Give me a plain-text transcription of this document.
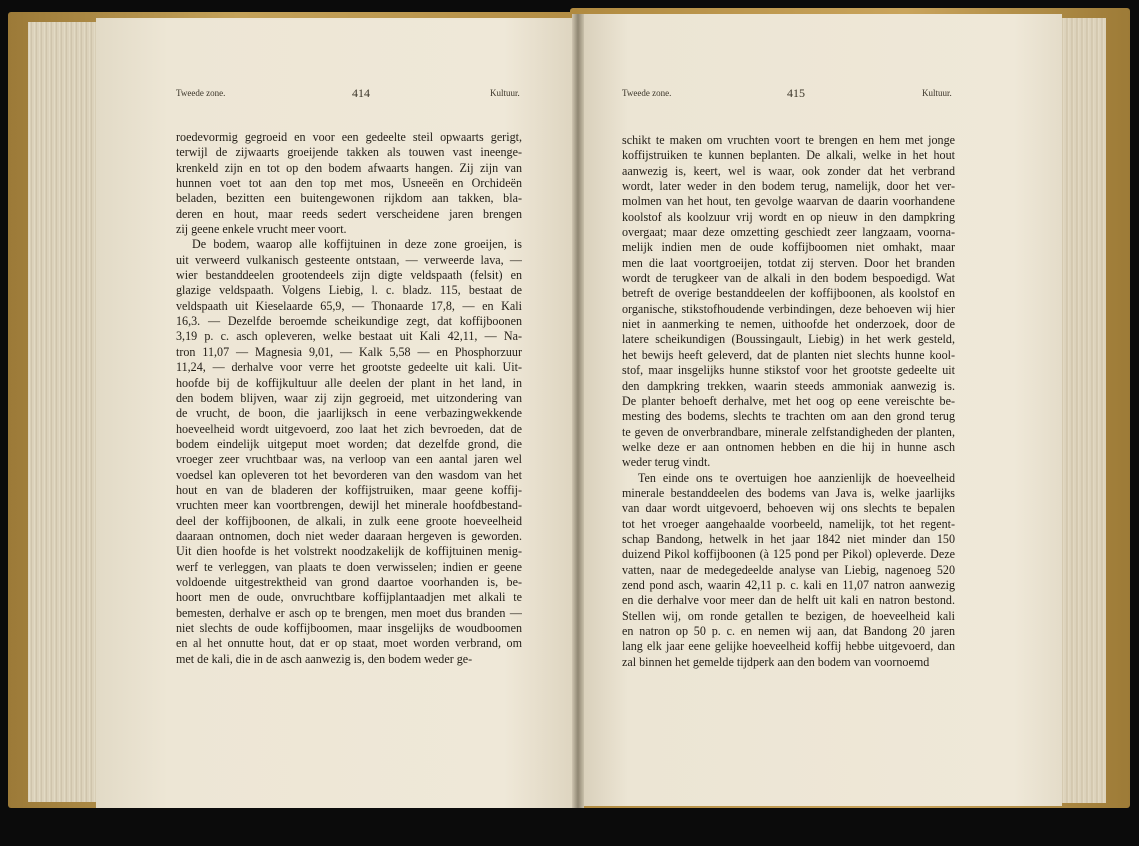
Tweede zone.	414	Kultuur.	Tweede zone.	415	Kultuur.
roedevormig gegroeid en voor een gedeelte steil opwaarts gerigt,
terwijl de zijwaarts groeijende takken als touwen vast ineenge-
krenkeld zijn en tot op den bodem afwaarts hangen. Zij zijn van
hunnen voet tot aan den top met mos, Usneeën en Orchideën
beladen, bezitten een buitengewonen rijkdom aan takken, bla-
deren en hout, maar reeds sedert verscheidene jaren brengen
zij geene enkele vrucht meer voort.
De bodem, waarop alle koffijtuinen in deze zone groeijen, is
uit verweerd vulkanisch gesteente ontstaan, — verweerde lava, —
wier bestanddeelen grootendeels zijn digte veldspaath (felsit) en
glazige veldspaath. Volgens Liebig, l. c. bladz. 115, bestaat de
veldspaath uit Kieselaarde 65,9, — Thonaarde 17,8, — en Kali
16,3. — Dezelfde beroemde scheikundige zegt, dat koffijboonen
3,19 p. c. asch opleveren, welke bestaat uit Kali 42,11, — Na-
tron 11,07 — Magnesia 9,01, — Kalk 5,58 — en Phosphorzuur
11,24, — derhalve voor verre het grootste gedeelte uit kali. Uit-
hoofde bij de koffijkultuur alle deelen der plant in het land, in
den bodem blijven, waar zij zijn gegroeid, met uitzondering van
de vrucht, de boon, die jaarlijksch in eene verbazingwekkende
hoeveelheid wordt uitgevoerd, zoo laat het zich bevroeden, dat de
bodem eindelijk uitgeput moet worden; dat dezelfde grond, die
vroeger zeer vruchtbaar was, na verloop van een aantal jaren wel
voedsel kan opleveren tot het bevorderen van den wasdom van het
hout en van de bladeren der koffijstruiken, maar geene koffij-
vruchten meer kan voortbrengen, dewijl het minerale hoofdbestand-
deel der koffijboonen, de alkali, in zulk eene groote hoeveelheid
daaraan ontnomen, doch niet weder daaraan hergeven is geworden.
Uit dien hoofde is het volstrekt noodzakelijk de koffijtuinen menig-
werf te verleggen, van plaats te doen verwisselen; indien er geene
voldoende uitgestrektheid van grond daartoe voorhanden is, be-
hoort men de oude, onvruchtbare koffijplantaadjen met alkali te
bemesten, derhalve er asch op te brengen, men moet dus branden —
niet slechts de oude koffijboomen, maar insgelijks de woudboomen
en al het onnutte hout, dat er op staat, moet worden verbrand, om
met de kali, die in de asch aanwezig is, den bodem weder ge-
schikt te maken om vruchten voort te brengen en hem met jonge
koffijstruiken te kunnen beplanten. De alkali, welke in het hout
aanwezig is, keert, wel is waar, ook zonder dat het verbrand
wordt, later weder in den bodem terug, namelijk, door het ver-
molmen van het hout, ten gevolge waarvan de daarin voorhandene
koolstof als koolzuur vrij wordt en op nieuw in den dampkring
overgaat; maar deze omzetting geschiedt zeer langzaam, voorna-
melijk indien men de oude koffijboomen niet omhakt, maar
men die laat voortgroeijen, totdat zij sterven. Door het branden
wordt de terugkeer van de alkali in den bodem bespoedigd. Wat
betreft de overige bestanddeelen der koffijboonen, als koolstof en
organische, stikstofhoudende verbindingen, deze behoeven wij hier
niet in aanmerking te nemen, uithoofde het onderzoek, door de
latere scheikundigen (Boussingault, Liebig) in het werk gesteld,
het bewijs heeft geleverd, dat de planten niet slechts hunne kool-
stof, maar insgelijks hunne stikstof voor het grootste gedeelte uit
den dampkring trekken, waarin steeds ammoniak aanwezig is.
De planter behoeft derhalve, met het oog op eene vereischte be-
mesting des bodems, slechts te trachten om aan den grond terug
te geven de onverbrandbare, minerale zelfstandigheden der planten,
welke deze er aan ontnomen hebben en die hij in hunne asch
weder terug vindt.
Ten einde ons te overtuigen hoe aanzienlijk de hoeveelheid
minerale bestanddeelen des bodems van Java is, welke jaarlijks
van daar wordt uitgevoerd, behoeven wij ons slechts te bepalen
tot het vroeger aangehaalde voorbeeld, namelijk, tot het regent-
schap Bandong, hetwelk in het jaar 1842 niet minder dan 150
duizend Pikol koffijboonen (à 125 pond per Pikol) opleverde. Deze
vatten, naar de medegedeelde analyse van Liebig, nagenoeg 520
zend pond asch, waarin 42,11 p. c. kali en 11,07 natron aanwezig
en die derhalve voor meer dan de helft uit kali en natron bestond.
Stellen wij, om ronde getallen te bezigen, de hoeveelheid kali
en natron op 50 p. c. en nemen wij aan, dat Bandong 20 jaren
lang elk jaar eene gelijke hoeveelheid koffij hebbe uitgevoerd, dan
zal binnen het gemelde tijdperk aan den bodem van voornoemd
